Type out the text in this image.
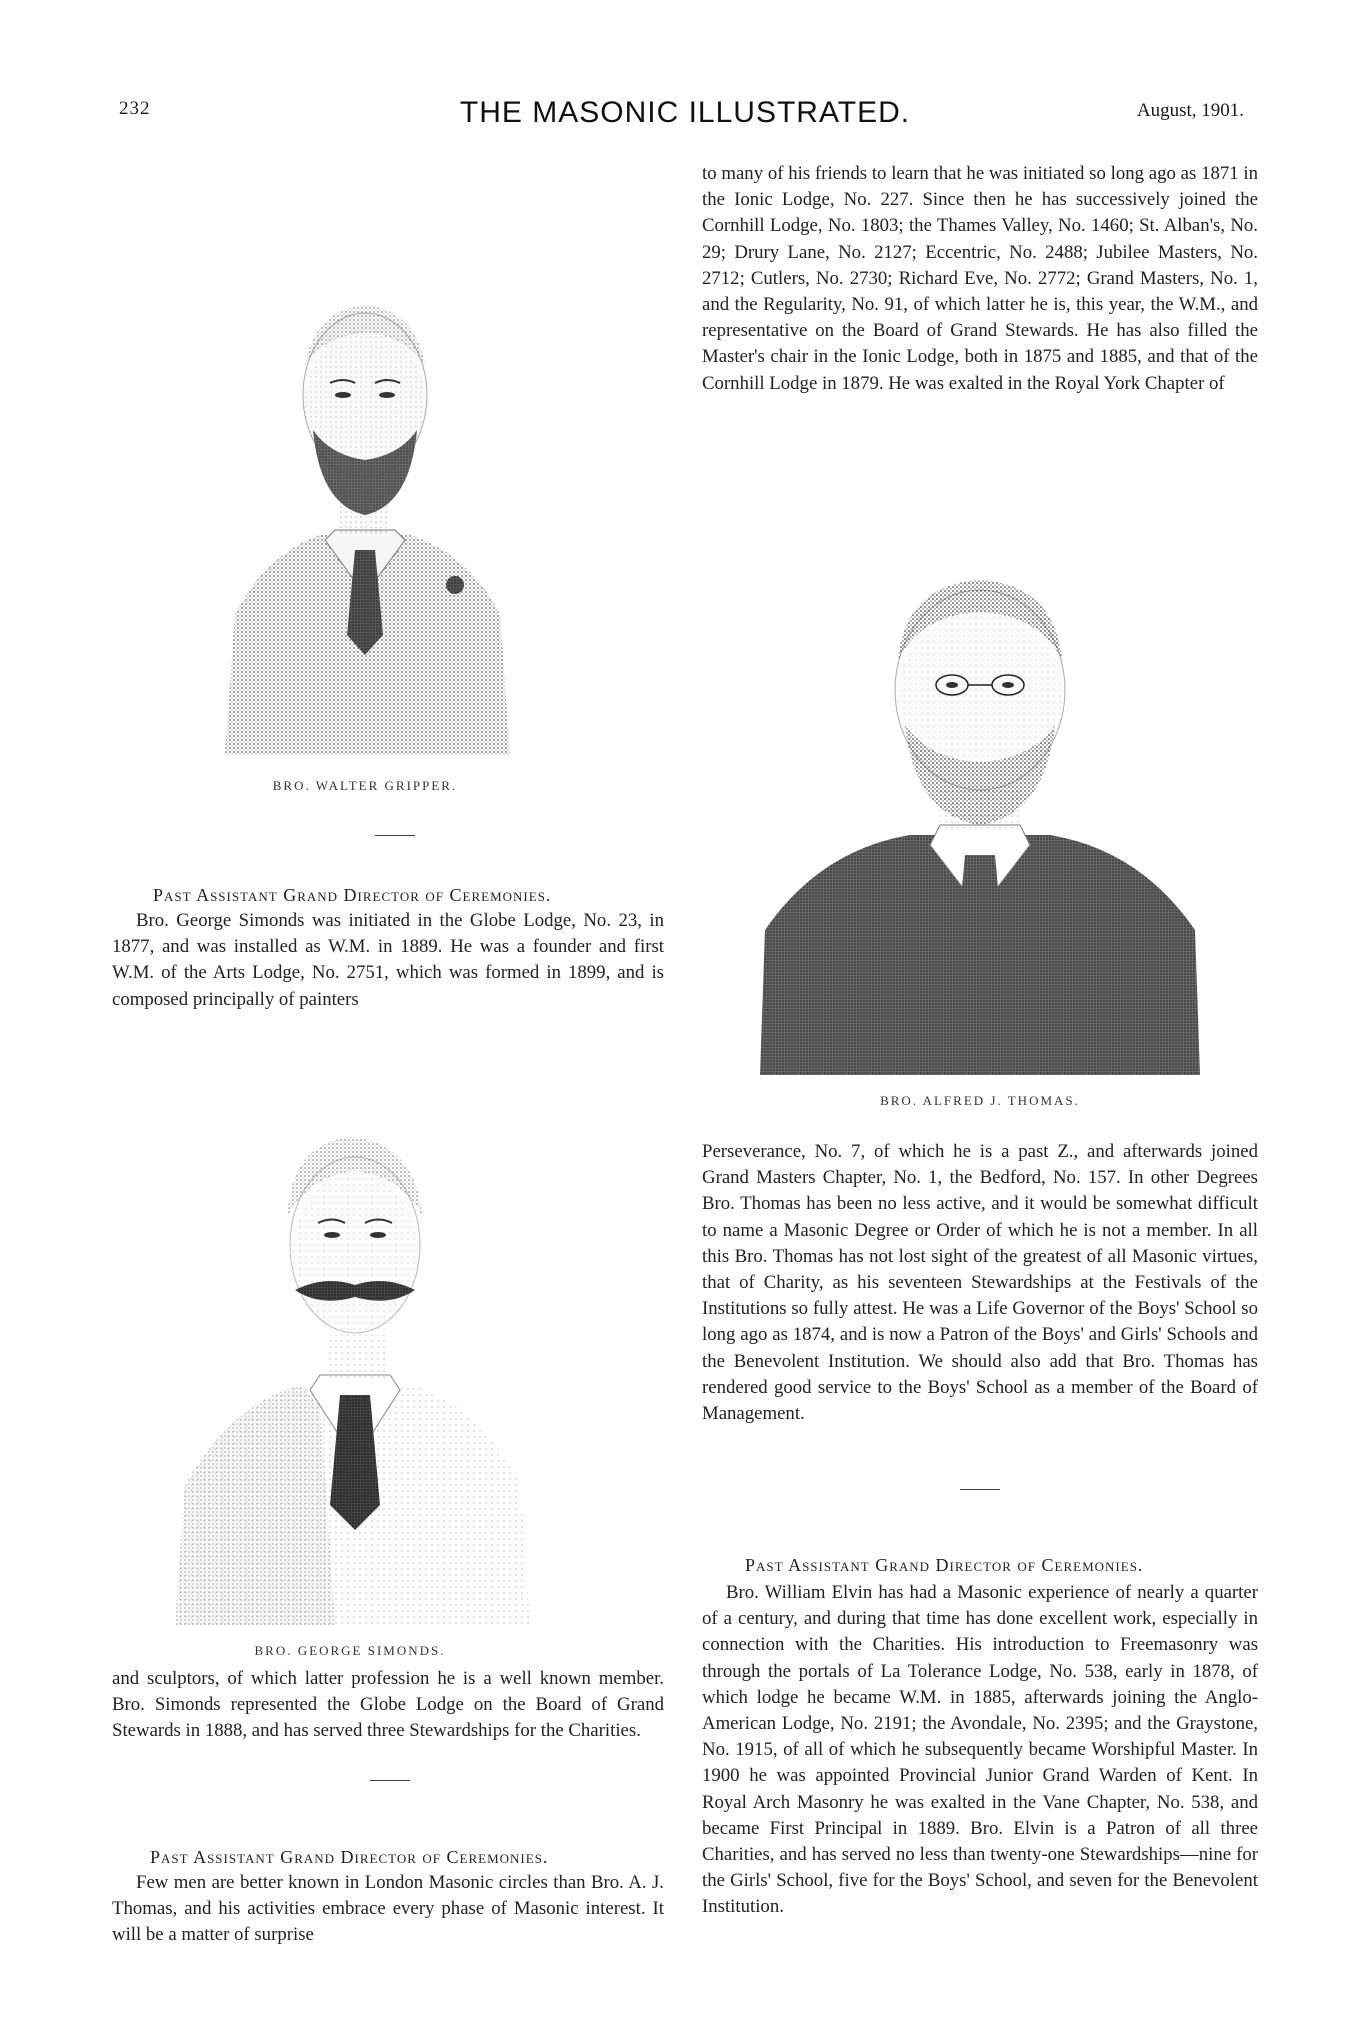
232	THE MASONIC ILLUSTRATED.	August, 1901.
BRO. WALTER GRIPPER.
Past Assistant Grand Director of Ceremonies.

Bro. George Simonds was initiated in the Globe Lodge, No. 23, in 1877, and was installed as W.M. in 1889. He was a founder and first W.M. of the Arts Lodge, No. 2751, which was formed in 1899, and is composed principally of painters

BRO. GEORGE SIMONDS.

and sculptors, of which latter profession he is a well known member. Bro. Simonds represented the Globe Lodge on the Board of Grand Stewards in 1888, and has served three Stewardships for the Charities.

Past Assistant Grand Director of Ceremonies.

Few men are better known in London Masonic circles than Bro. A. J. Thomas, and his activities embrace every phase of Masonic interest. It will be a matter of surprise

to many of his friends to learn that he was initiated so long ago as 1871 in the Ionic Lodge, No. 227. Since then he has successively joined the Cornhill Lodge, No. 1803; the Thames Valley, No. 1460; St. Alban's, No. 29; Drury Lane, No. 2127; Eccentric, No. 2488; Jubilee Masters, No. 2712; Cutlers, No. 2730; Richard Eve, No. 2772; Grand Masters, No. 1, and the Regularity, No. 91, of which latter he is, this year, the W.M., and representative on the Board of Grand Stewards. He has also filled the Master's chair in the Ionic Lodge, both in 1875 and 1885, and that of the Cornhill Lodge in 1879. He was exalted in the Royal York Chapter of

BRO. ALFRED J. THOMAS.

Perseverance, No. 7, of which he is a past Z., and afterwards joined Grand Masters Chapter, No. 1, the Bedford, No. 157. In other Degrees Bro. Thomas has been no less active, and it would be somewhat difficult to name a Masonic Degree or Order of which he is not a member. In all this Bro. Thomas has not lost sight of the greatest of all Masonic virtues, that of Charity, as his seventeen Stewardships at the Festivals of the Institutions so fully attest. He was a Life Governor of the Boys' School so long ago as 1874, and is now a Patron of the Boys' and Girls' Schools and the Benevolent Institution. We should also add that Bro. Thomas has rendered good service to the Boys' School as a member of the Board of Management.

Past Assistant Grand Director of Ceremonies.

Bro. William Elvin has had a Masonic experience of nearly a quarter of a century, and during that time has done excellent work, especially in connection with the Charities. His introduction to Freemasonry was through the portals of La Tolerance Lodge, No. 538, early in 1878, of which lodge he became W.M. in 1885, afterwards joining the Anglo-American Lodge, No. 2191; the Avondale, No. 2395; and the Graystone, No. 1915, of all of which he subsequently became Worshipful Master. In 1900 he was appointed Provincial Junior Grand Warden of Kent. In Royal Arch Masonry he was exalted in the Vane Chapter, No. 538, and became First Principal in 1889. Bro. Elvin is a Patron of all three Charities, and has served no less than twenty-one Stewardships—nine for the Girls' School, five for the Boys' School, and seven for the Benevolent Institution.
